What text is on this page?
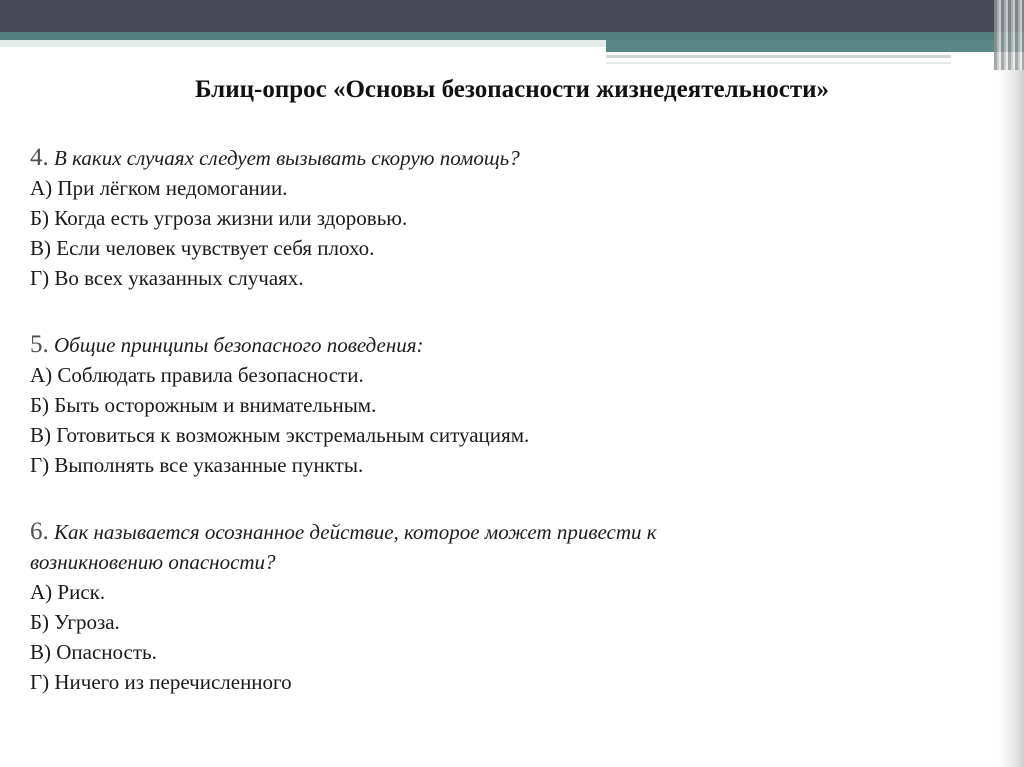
Блиц-опрос «Основы безопасности жизнедеятельности»

4. В каких случаях следует вызывать скорую помощь?

А) При лёгком недомогании.

Б) Когда есть угроза жизни или здоровью.

В) Если человек чувствует себя плохо.

Г) Во всех указанных случаях.

5. Общие принципы безопасного поведения:

А) Соблюдать правила безопасности.

Б) Быть осторожным и внимательным.

В) Готовиться к возможным экстремальным ситуациям.

Г) Выполнять все указанные пункты.

6. Как называется осознанное действие, которое может привести к

возникновению опасности?

А) Риск.

Б) Угроза.

В) Опасность.

Г) Ничего из перечисленного
